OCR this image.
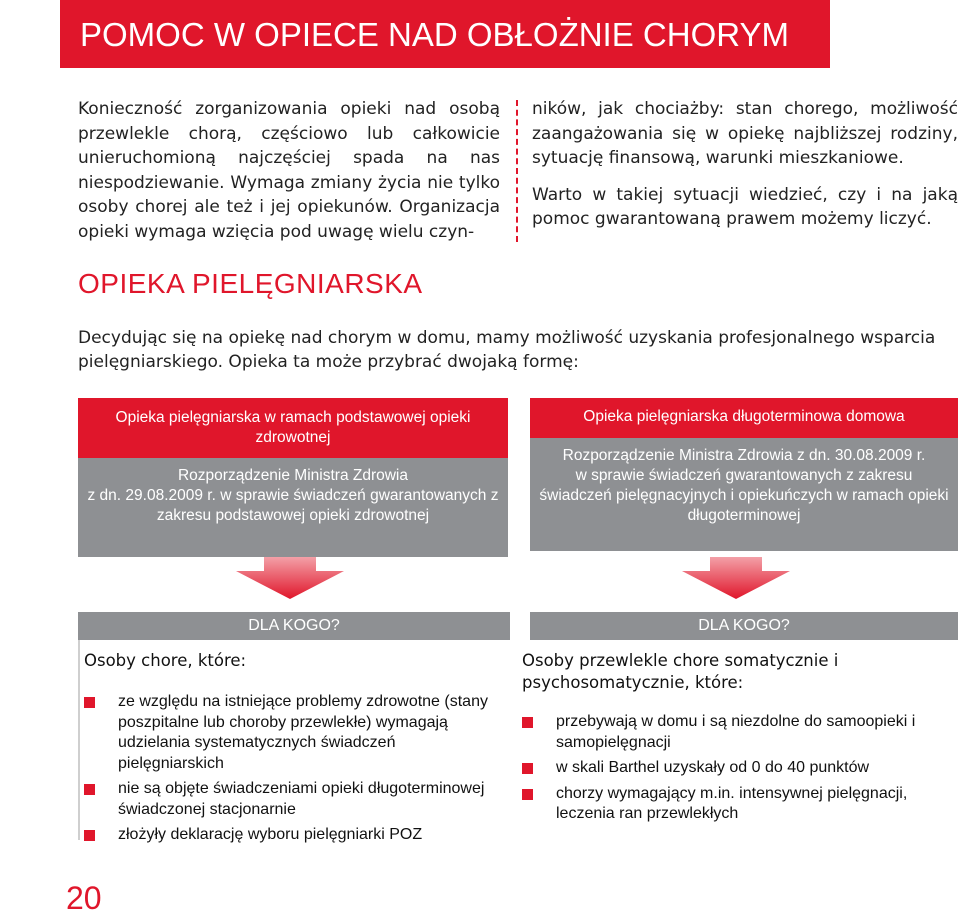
POMOC W OPIECE NAD OBŁOŻNIE CHORYM

Konieczność zorganizowania opieki nad osobą przewlekle chorą, częściowo lub całkowicie unieruchomioną najczęściej spada na nas niespodziewanie. Wymaga zmiany życia nie tylko osoby chorej ale też i jej opiekunów. Organizacja opieki wymaga wzięcia pod uwagę wielu czyn-

ników, jak chociażby: stan chorego, możliwość zaangażowania się w opiekę najbliższej rodziny, sytuację finansową, warunki mieszkaniowe.

Warto w takiej sytuacji wiedzieć, czy i na jaką pomoc gwarantowaną prawem możemy liczyć.

OPIEKA PIELĘGNIARSKA

Decydując się na opiekę nad chorym w domu, mamy możliwość uzyskania profesjonalnego wsparcia pielęgniarskiego. Opieka ta może przybrać dwojaką formę:

Opieka pielęgniarska w ramach podstawowej opieki zdrowotnej
Rozporządzenie Ministra Zdrowia
z dn. 29.08.2009 r. w sprawie świadczeń gwarantowanych z zakresu podstawowej opieki zdrowotnej
Opieka pielęgniarska długoterminowa domowa
Rozporządzenie Ministra Zdrowia z dn. 30.08.2009 r.
w sprawie świadczeń gwarantowanych z zakresu świadczeń pielęgnacyjnych i opiekuńczych w ramach opieki długoterminowej
DLA KOGO?	DLA KOGO?

Osoby chore, które:

ze względu na istniejące problemy zdrowotne (stany poszpitalne lub choroby przewlekłe) wymagają udzielania systematycznych świadczeń pielęgniarskich
nie są objęte świadczeniami opieki długoterminowej świadczonej stacjonarnie
złożyły deklarację wyboru pielęgniarki POZ

Osoby przewlekle chore somatycznie i psychosomatycznie, które:

przebywają w domu i są niezdolne do samoopieki i samopielęgnacji
w skali Barthel uzyskały od 0 do 40 punktów
chorzy wymagający m.in. intensywnej pielęgnacji, leczenia ran przewlekłych

20
